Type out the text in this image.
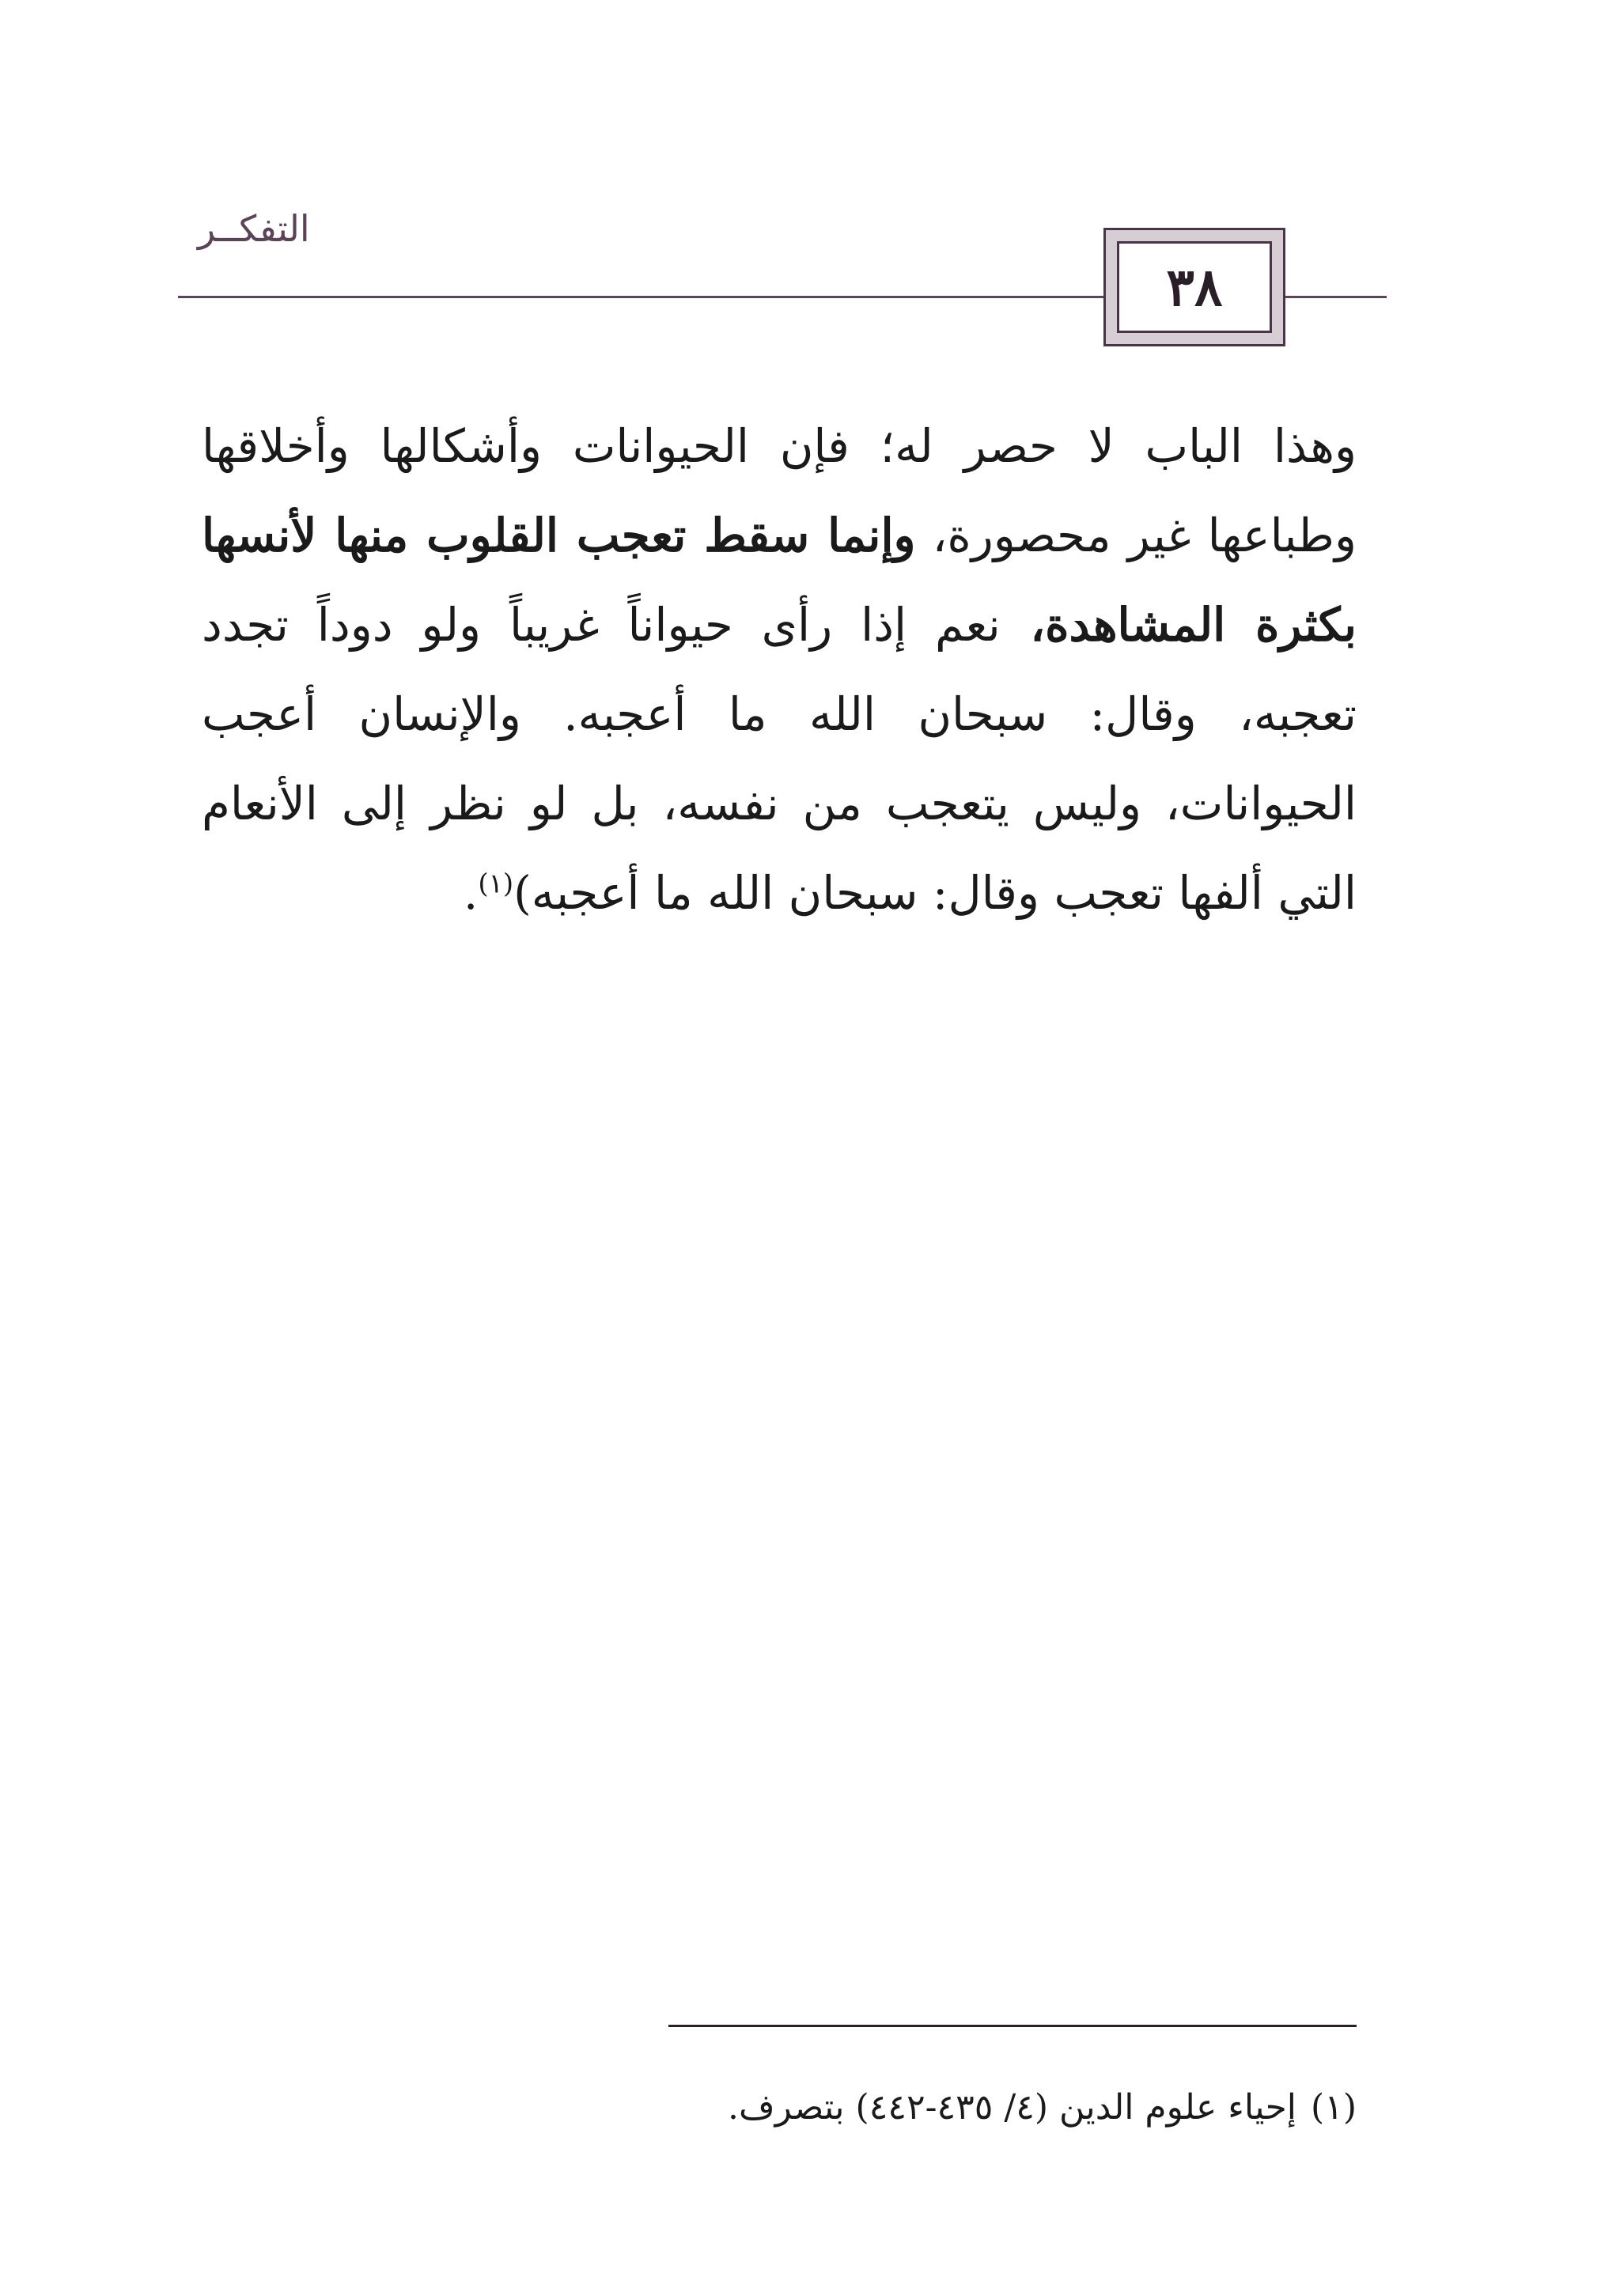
التفكــر
٣٨
وهذا الباب لا حصر له؛ فإن الحيوانات وأشكالها وأخلاقها وطباعها غير محصورة، وإنما سقط تعجب القلوب منها لأنسها بكثرة المشاهدة، نعم إذا رأى حيواناً غريباً ولو دوداً تجدد تعجبه، وقال: سبحان الله ما أعجبه. والإنسان أعجب الحيوانات، وليس يتعجب من نفسه، بل لو نظر إلى الأنعام التي ألفها تعجب وقال: سبحان الله ما أعجبه)$^{(١)}$.
(١)إحياء علوم الدين (٤/ ٤٣٥-٤٤٢) بتصرف.
